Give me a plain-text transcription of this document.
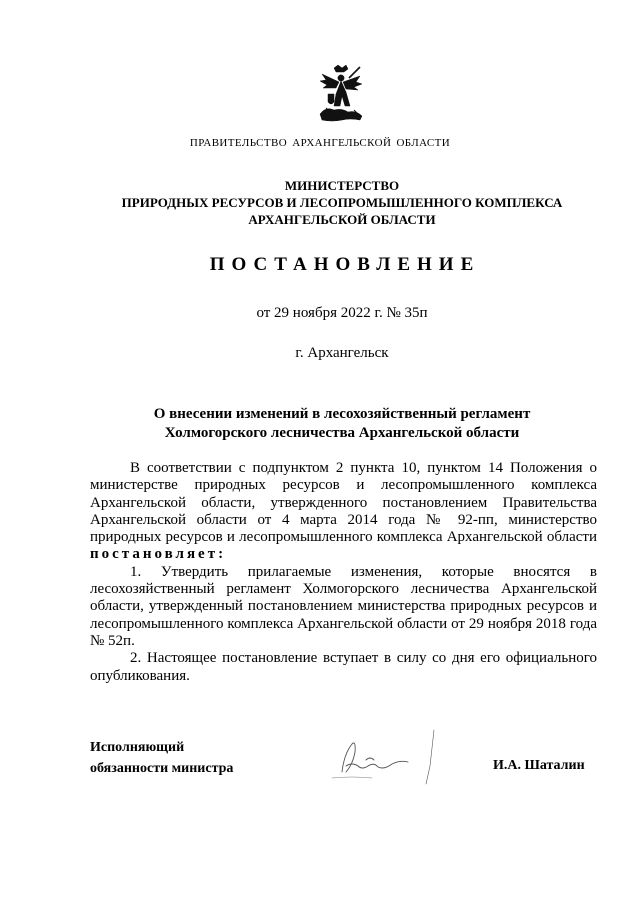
ПРАВИТЕЛЬСТВО АРХАНГЕЛЬСКОЙ ОБЛАСТИ
МИНИСТЕРСТВО
ПРИРОДНЫХ РЕСУРСОВ И ЛЕСОПРОМЫШЛЕННОГО КОМПЛЕКСА
АРХАНГЕЛЬСКОЙ ОБЛАСТИ
ПОСТАНОВЛЕНИЕ
от 29 ноября 2022 г. № 35п
г. Архангельск
О внесении изменений в лесохозяйственный регламент
Холмогорского лесничества Архангельской области

В соответствии с подпунктом 2 пункта 10, пунктом 14 Положения о министерстве природных ресурсов и лесопромышленного комплекса Архангельской области, утвержденного постановлением Правительства Архангельской области от 4 марта 2014 года № 92-пп, министерство природных ресурсов и лесопромышленного комплекса Архангельской области постановляет:

1. Утвердить прилагаемые изменения, которые вносятся в лесохозяйственный регламент Холмогорского лесничества Архангельской области, утвержденный постановлением министерства природных ресурсов и лесопромышленного комплекса Архангельской области от 29 ноября 2018 года № 52п.

2. Настоящее постановление вступает в силу со дня его официального опубликования.

Исполняющий
обязанности министра	И.А. Шаталин
